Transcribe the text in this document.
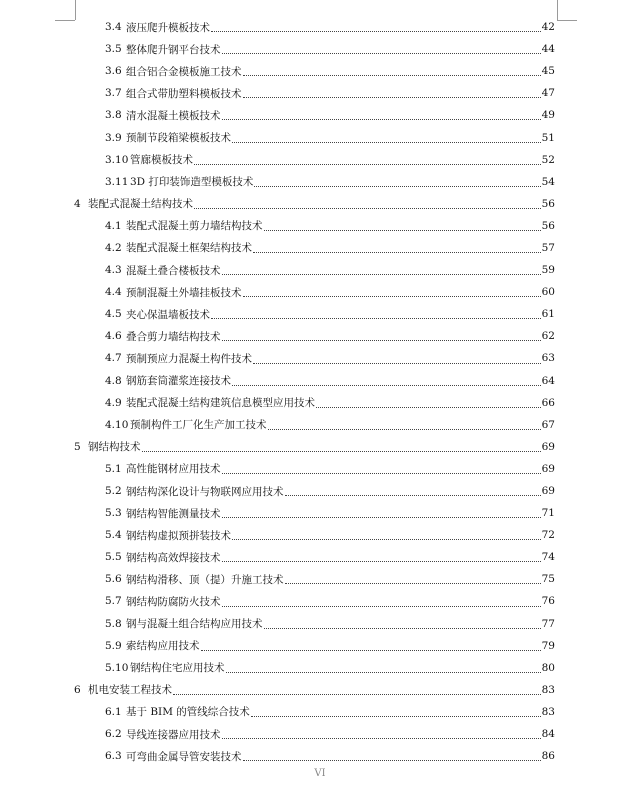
3.4 液压爬升模板技术	42
3.5 整体爬升钢平台技术	44
3.6 组合铝合金模板施工技术	45
3.7 组合式带肋塑料模板技术	47
3.8 清水混凝土模板技术	49
3.9 预制节段箱梁模板技术	51
3.10 管廊模板技术	52
3.11 3D 打印装饰造型模板技术	54
4 装配式混凝土结构技术	56
4.1 装配式混凝土剪力墙结构技术	56
4.2 装配式混凝土框架结构技术	57
4.3 混凝土叠合楼板技术	59
4.4 预制混凝土外墙挂板技术	60
4.5 夹心保温墙板技术	61
4.6 叠合剪力墙结构技术	62
4.7 预制预应力混凝土构件技术	63
4.8 钢筋套筒灌浆连接技术	64
4.9 装配式混凝土结构建筑信息模型应用技术	66
4.10 预制构件工厂化生产加工技术	67
5 钢结构技术	69
5.1 高性能钢材应用技术	69
5.2 钢结构深化设计与物联网应用技术	69
5.3 钢结构智能测量技术	71
5.4 钢结构虚拟预拼装技术	72
5.5 钢结构高效焊接技术	74
5.6 钢结构滑移、顶（提）升施工技术	75
5.7 钢结构防腐防火技术	76
5.8 钢与混凝土组合结构应用技术	77
5.9 索结构应用技术	79
5.10 钢结构住宅应用技术	80
6 机电安装工程技术	83
6.1 基于 BIM 的管线综合技术	83
6.2 导线连接器应用技术	84
6.3 可弯曲金属导管安装技术	86
VI
